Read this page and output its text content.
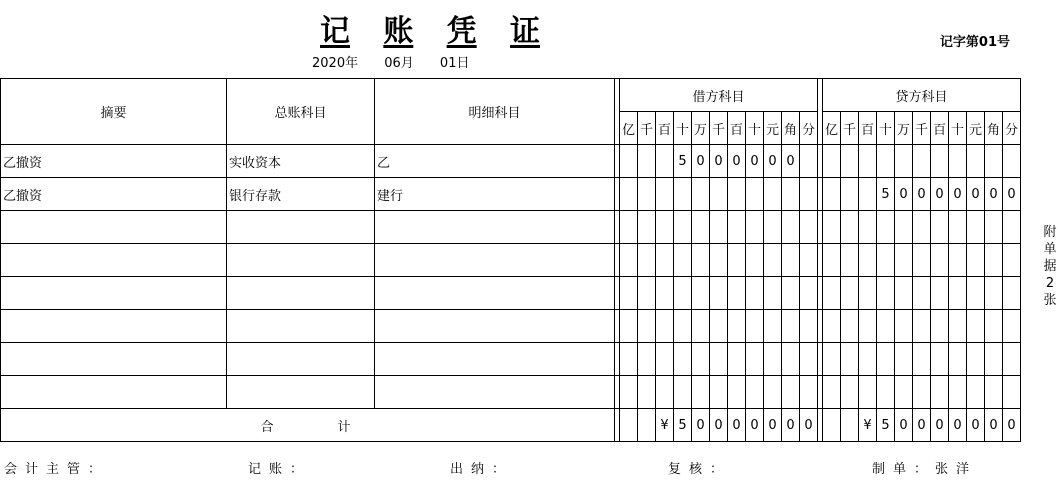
记 账 凭 证	记字第01号
2020年 06月 01日
摘要	总账科目	明细科目		借方科目												贷方科目										
				亿	千	百	十	万	千	百	十	元	角	分		亿	千	百	十	万	千	百	十	元	角	分
乙撤资	实收资本	乙					5	0	0	0	0	0	0													
乙撤资	银行存款	建行																	5	0	0	0	0	0	0	0

合 计						¥	5	0	0	0	0	0	0	0				¥	5	0	0	0	0	0	0	0
附
单
据
2
张
会计主管：	记账：	出纳：	复核：	制单：张洋
